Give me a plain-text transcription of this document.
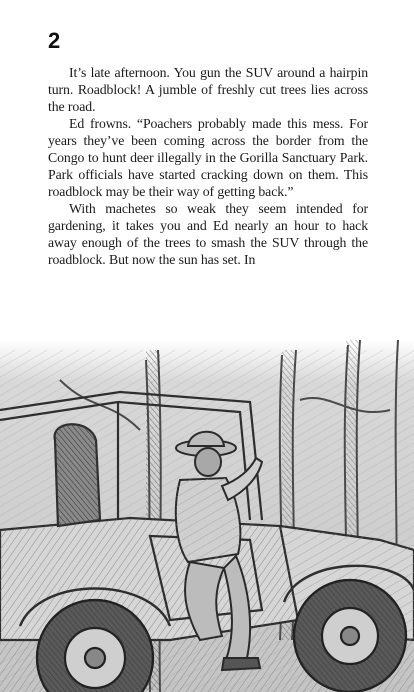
2

It’s late afternoon. You gun the SUV around a hairpin turn. Roadblock! A jumble of freshly cut trees lies across the road.

Ed frowns. “Poachers probably made this mess. For years they’ve been coming across the border from the Congo to hunt deer illegally in the Gorilla Sanctuary Park. Park officials have started cracking down on them. This roadblock may be their way of getting back.”

With machetes so weak they seem intended for gardening, it takes you and Ed nearly an hour to hack away enough of the trees to smash the SUV through the roadblock. But now the sun has set. In
